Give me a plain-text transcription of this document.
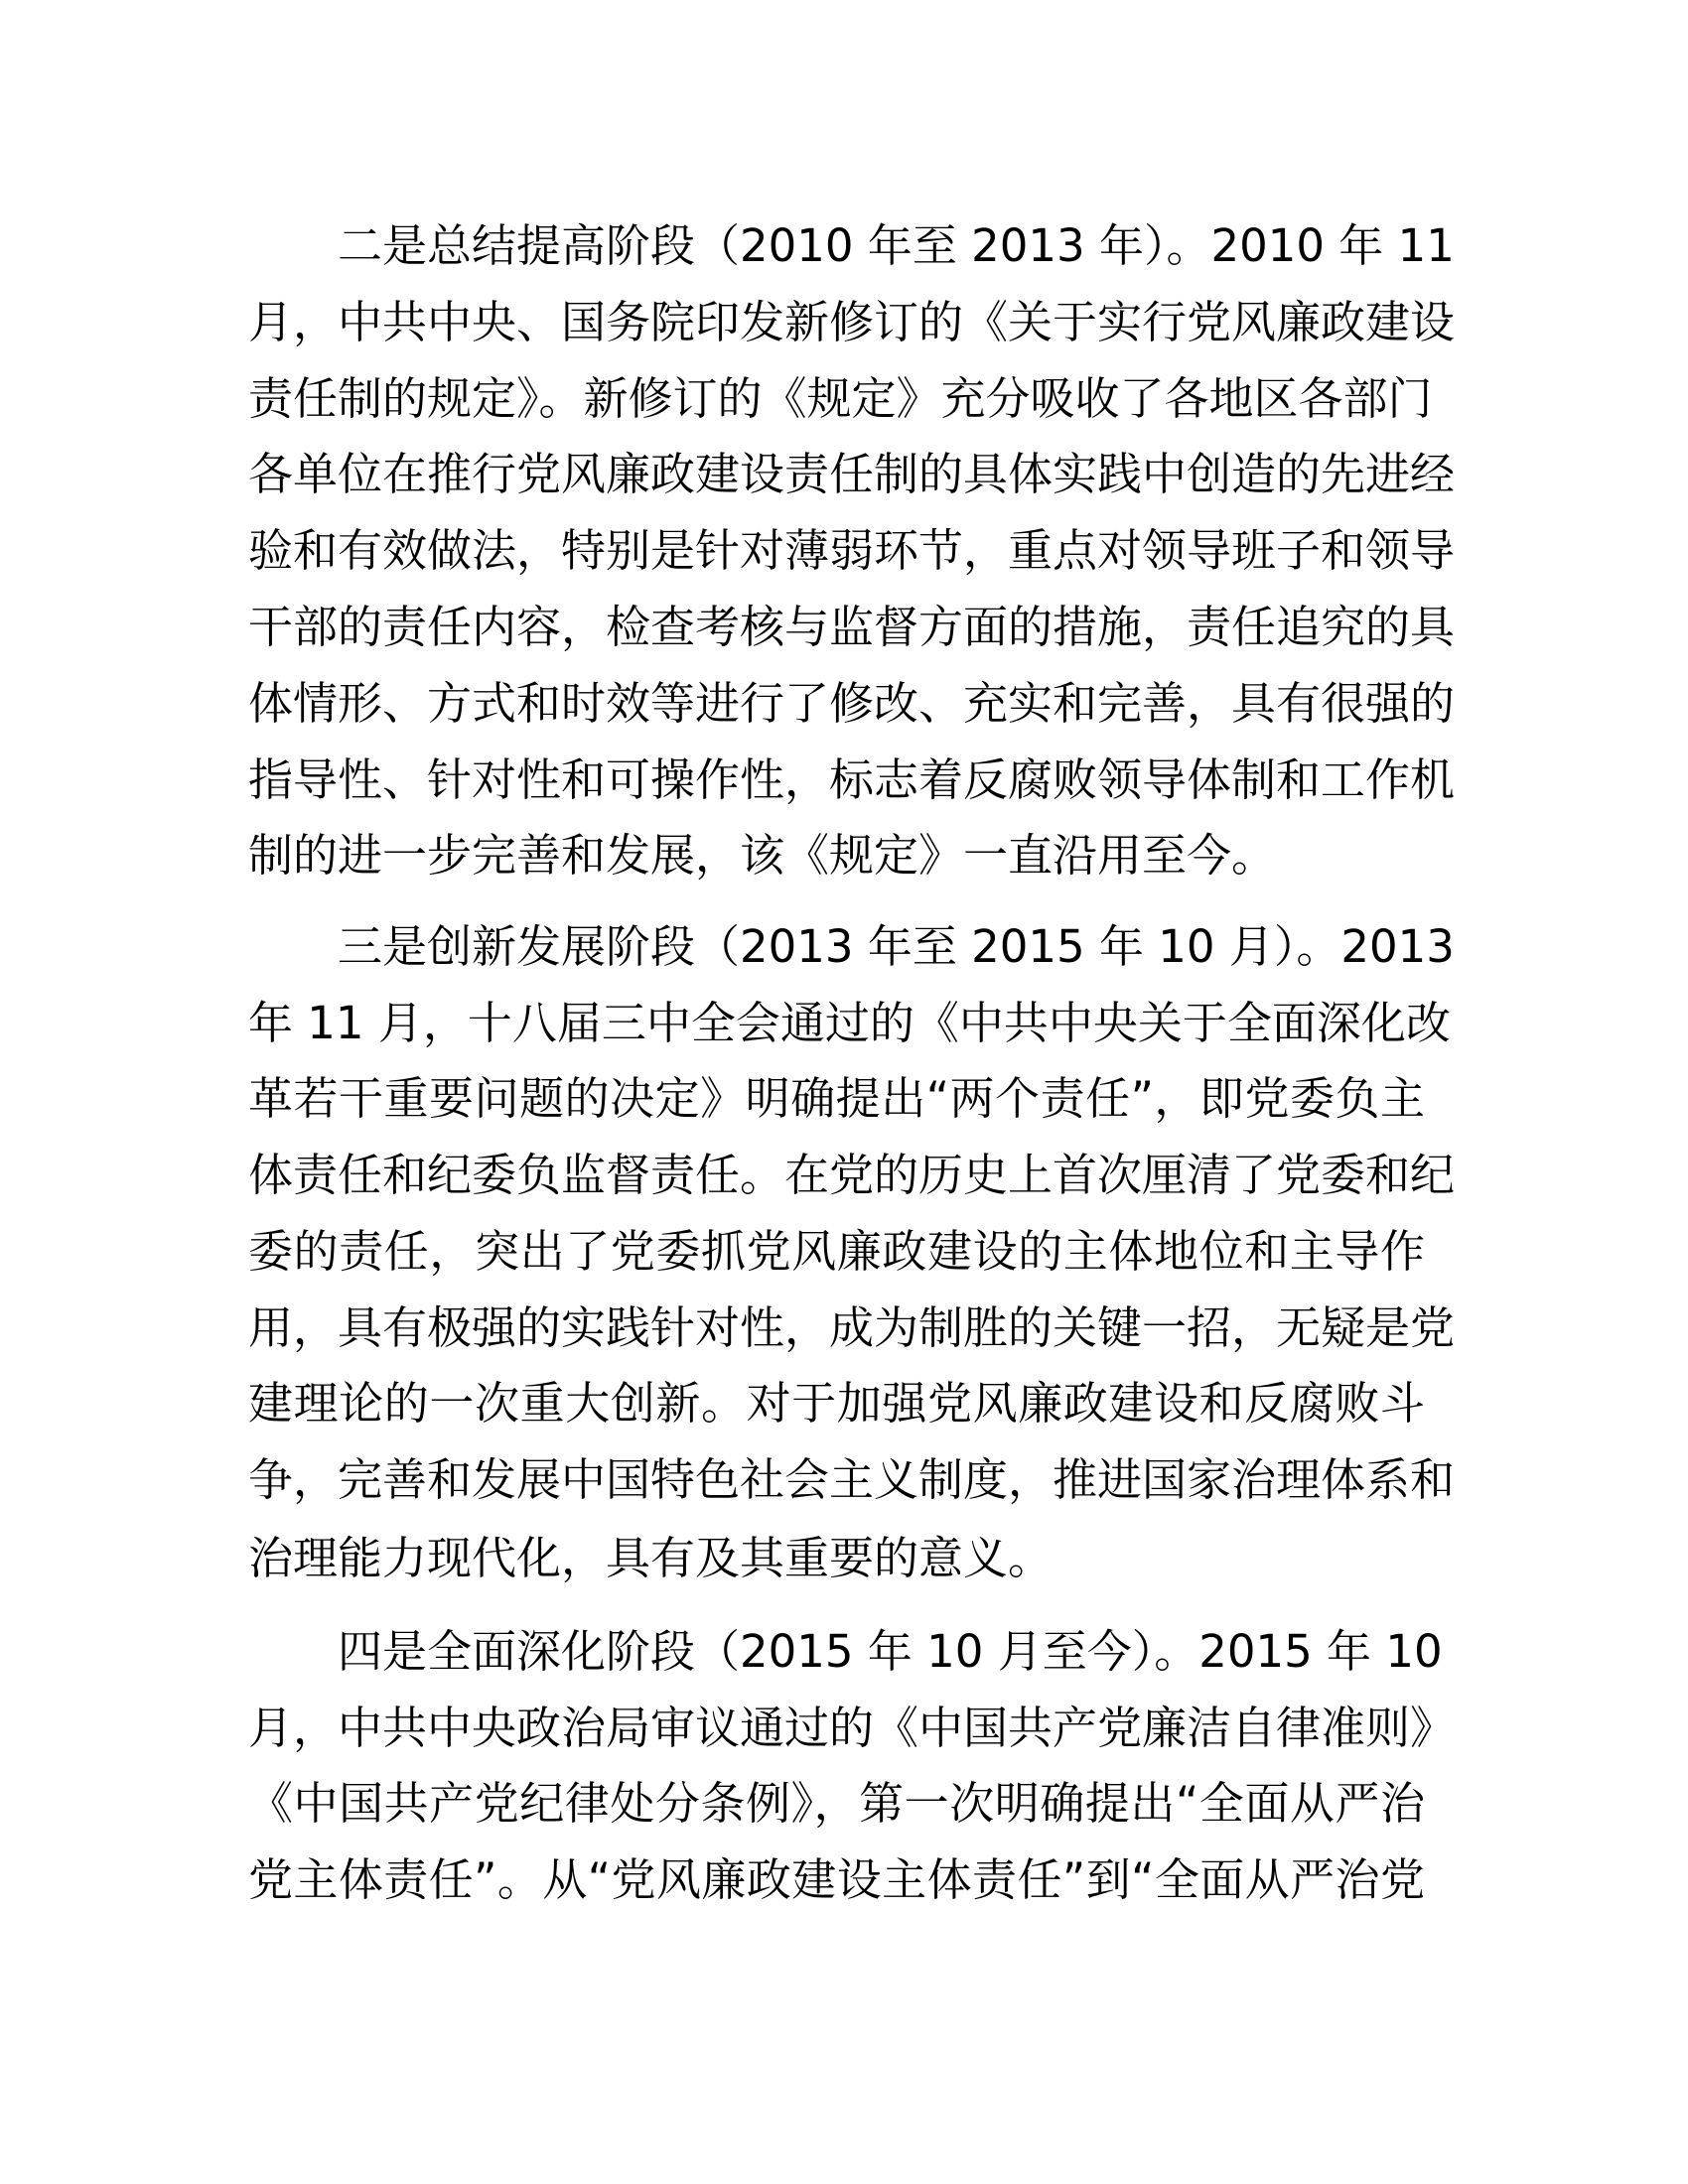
二是总结提高阶段（2010 年至 2013 年）。2010 年 11
月，中共中央、国务院印发新修订的《关于实行党风廉政建设
责任制的规定》。新修订的《规定》充分吸收了各地区各部门
各单位在推行党风廉政建设责任制的具体实践中创造的先进经
验和有效做法，特别是针对薄弱环节，重点对领导班子和领导
干部的责任内容，检查考核与监督方面的措施，责任追究的具
体情形、方式和时效等进行了修改、充实和完善，具有很强的
指导性、针对性和可操作性，标志着反腐败领导体制和工作机
制的进一步完善和发展，该《规定》一直沿用至今。
三是创新发展阶段（2013 年至 2015 年 10 月）。2013
年 11 月，十八届三中全会通过的《中共中央关于全面深化改
革若干重要问题的决定》明确提出“两个责任”，即党委负主
体责任和纪委负监督责任。在党的历史上首次厘清了党委和纪
委的责任，突出了党委抓党风廉政建设的主体地位和主导作
用，具有极强的实践针对性，成为制胜的关键一招，无疑是党
建理论的一次重大创新。对于加强党风廉政建设和反腐败斗
争，完善和发展中国特色社会主义制度，推进国家治理体系和
治理能力现代化，具有及其重要的意义。
四是全面深化阶段（2015 年 10 月至今）。2015 年 10
月，中共中央政治局审议通过的《中国共产党廉洁自律准则》
《中国共产党纪律处分条例》，第一次明确提出“全面从严治
党主体责任”。从“党风廉政建设主体责任”到“全面从严治党
